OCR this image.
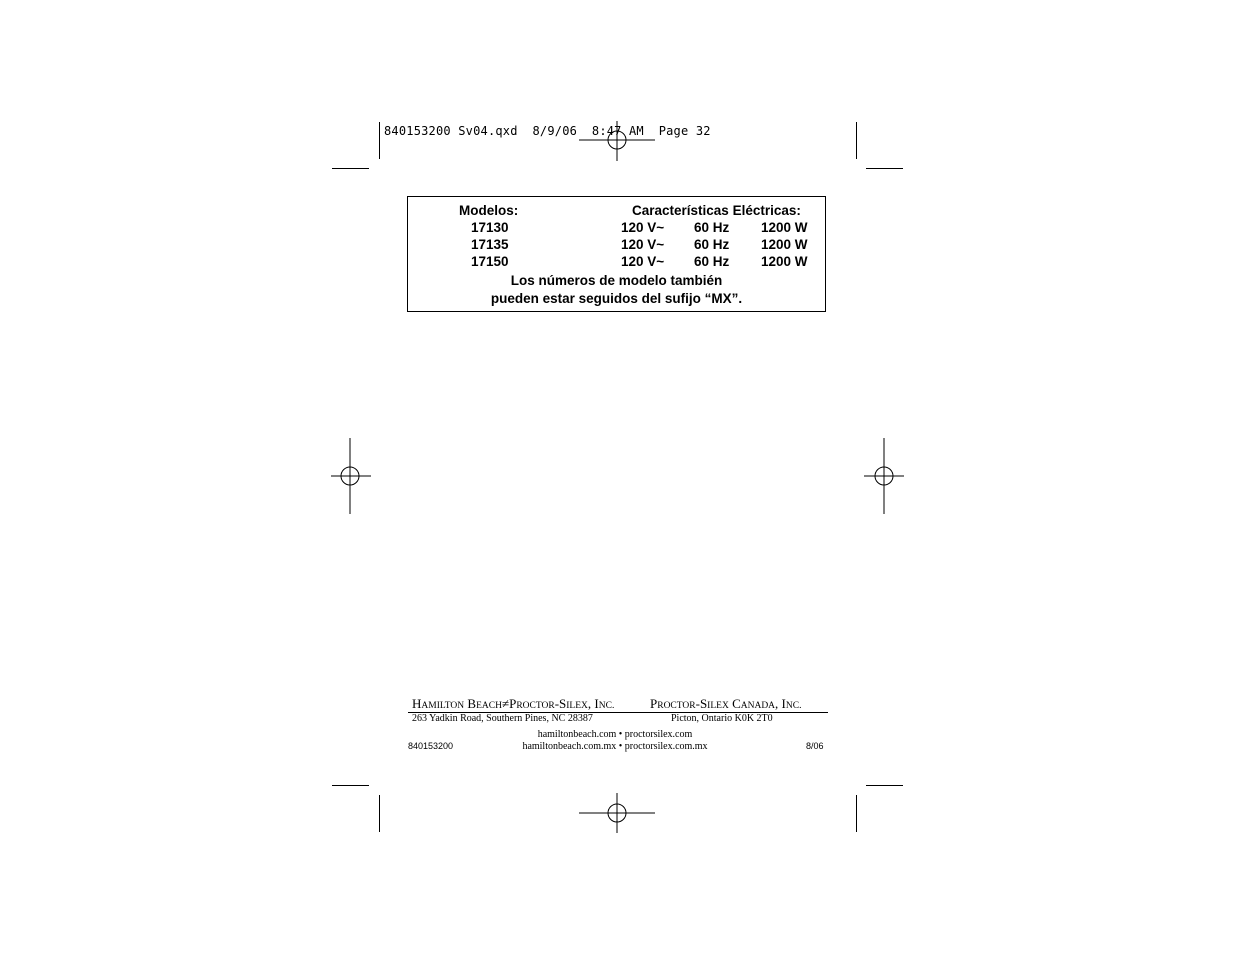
840153200 Sv04.qxd  8/9/06  8:47 AM  Page 32
Modelos:	Características Eléctricas:
17130	120 V~ 60 Hz 1200 W
17135	120 V~ 60 Hz 1200 W
17150	120 V~ 60 Hz 1200 W
Los números de modelo también
pueden estar seguidos del sufijo “MX”.
HAMILTON BEACH≠PROCTOR-SILEX, INC.	PROCTOR-SILEX CANADA, INC.
263 Yadkin Road, Southern Pines, NC 28387	Picton, Ontario K0K 2T0
hamiltonbeach.com • proctorsilex.com
hamiltonbeach.com.mx • proctorsilex.com.mx
840153200	8/06
